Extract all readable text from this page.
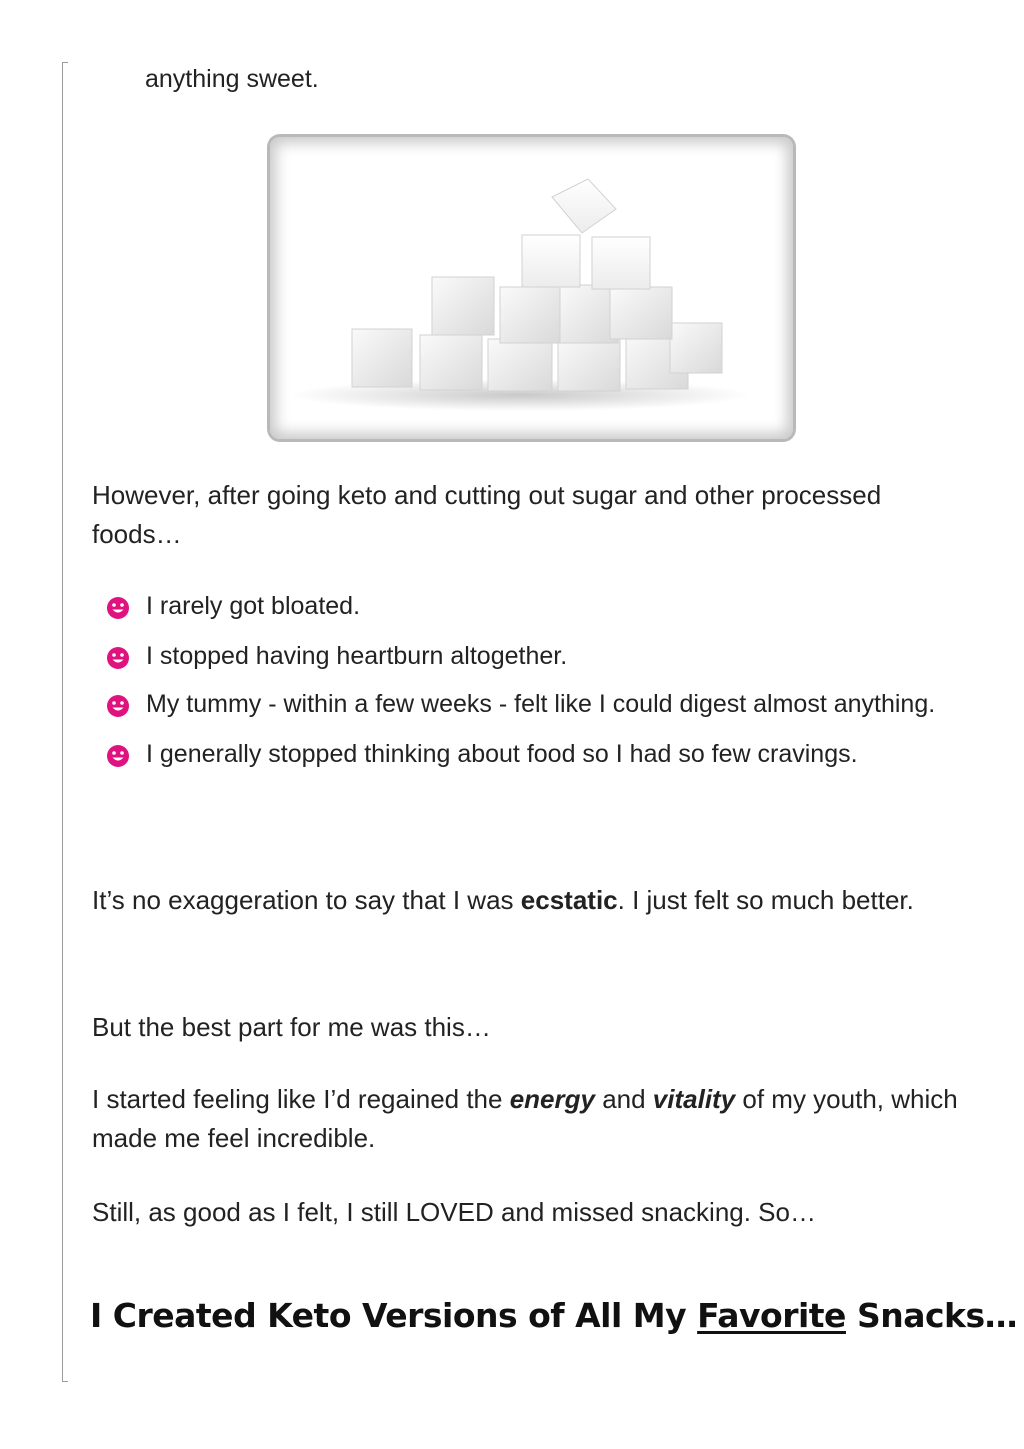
anything sweet.

However, after going keto and cutting out sugar and other processed foods…

I rarely got bloated.
I stopped having heartburn altogether.
My tummy - within a few weeks - felt like I could digest almost anything.
I generally stopped thinking about food so I had so few cravings.

It’s no exaggeration to say that I was ecstatic. I just felt so much better.

But the best part for me was this…

I started feeling like I’d regained the energy and vitality of my youth, which made me feel incredible.

Still, as good as I felt, I still LOVED and missed snacking. So…

I Created Keto Versions of All My Favorite Snacks…
